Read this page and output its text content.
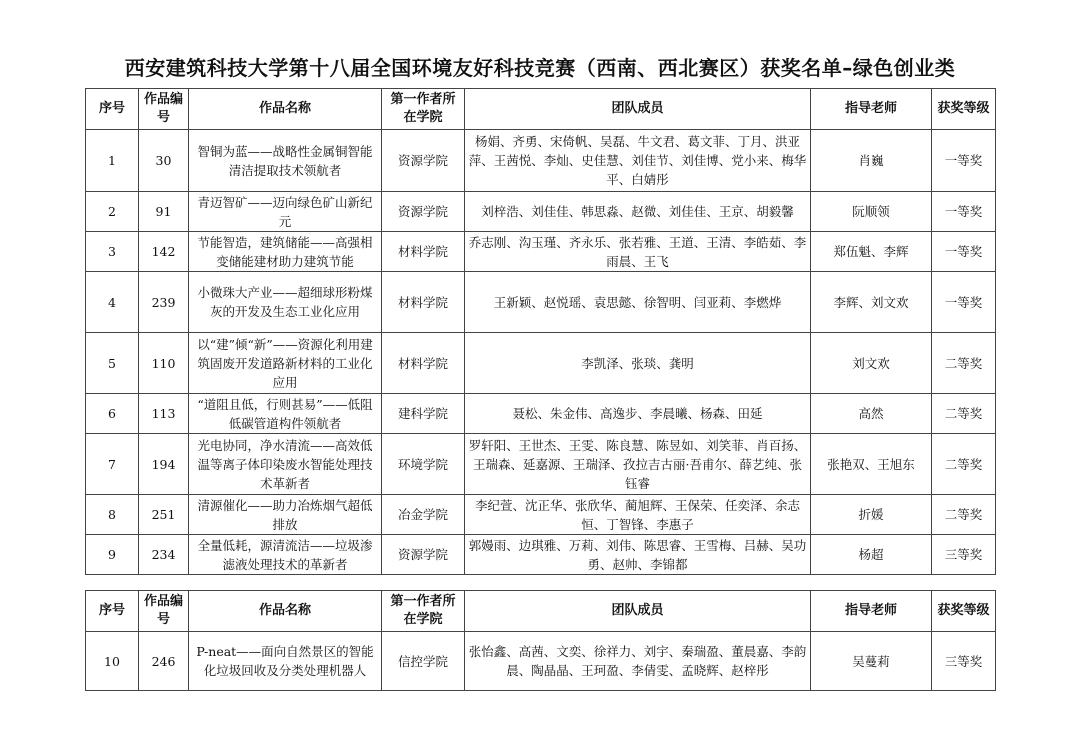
西安建筑科技大学第十八届全国环境友好科技竞赛（西南、西北赛区）获奖名单–绿色创业类
序号	作品编号	作品名称	第一作者所在学院	团队成员	指导老师	获奖等级
1	30	智铜为蓝——战略性金属铜智能清洁提取技术领航者	资源学院	杨娟、齐勇、宋倚帆、吴磊、牛文君、葛文菲、丁月、洪亚萍、王茜悦、李灿、史佳慧、刘佳节、刘佳博、党小来、梅华平、白婧彤	肖巍	一等奖
2	91	青迈智矿——迈向绿色矿山新纪元	资源学院	刘梓浩、刘佳佳、韩思淼、赵微、刘佳佳、王京、胡毅馨	阮顺领	一等奖
3	142	节能智造，建筑储能——高强相变储能建材助力建筑节能	材料学院	乔志刚、沟玉瑾、齐永乐、张若雅、王道、王清、李皓茹、李雨晨、王飞	郑伍魁、李辉	一等奖
4	239	小微珠大产业——超细球形粉煤灰的开发及生态工业化应用	材料学院	王新颖、赵悦瑶、袁思懿、徐智明、闫亚莉、李燃烨	李辉、刘文欢	一等奖
5	110	以“建”倾“新”——资源化利用建筑固废开发道路新材料的工业化应用	材料学院	李凯泽、张琰、龚明	刘文欢	二等奖
6	113	“道阻且低，行则甚易”——低阻低碳管道构件领航者	建科学院	聂松、朱金伟、高逸步、李晨曦、杨森、田延	高然	二等奖
7	194	光电协同，净水清流——高效低温等离子体印染废水智能处理技术革新者	环境学院	罗轩阳、王世杰、王雯、陈良慧、陈昱如、刘笑菲、肖百扬、王瑞森、延嘉源、王瑞泽、孜拉吉古丽·吾甫尔、薛艺纯、张钰睿	张艳双、王旭东	二等奖
8	251	清源催化——助力冶炼烟气超低排放	冶金学院	李纪萱、沈正华、张欣华、蔺旭辉、王保荣、任奕泽、余志恒、丁智锋、李惠子	折媛	二等奖
9	234	全量低耗，源清流洁——垃圾渗滤液处理技术的革新者	资源学院	郭嫚雨、边琪雅、万莉、刘伟、陈思睿、王雪梅、吕赫、吴功勇、赵帅、李锦都	杨超	三等奖
序号	作品编号	作品名称	第一作者所在学院	团队成员	指导老师	获奖等级
10	246	P-neat——面向自然景区的智能化垃圾回收及分类处理机器人	信控学院	张怡鑫、高茜、文奕、徐祥力、刘宇、秦瑞盈、董晨嘉、李韵晨、陶晶晶、王珂盈、李倩雯、孟晓辉、赵梓彤	吴蔓莉	三等奖
